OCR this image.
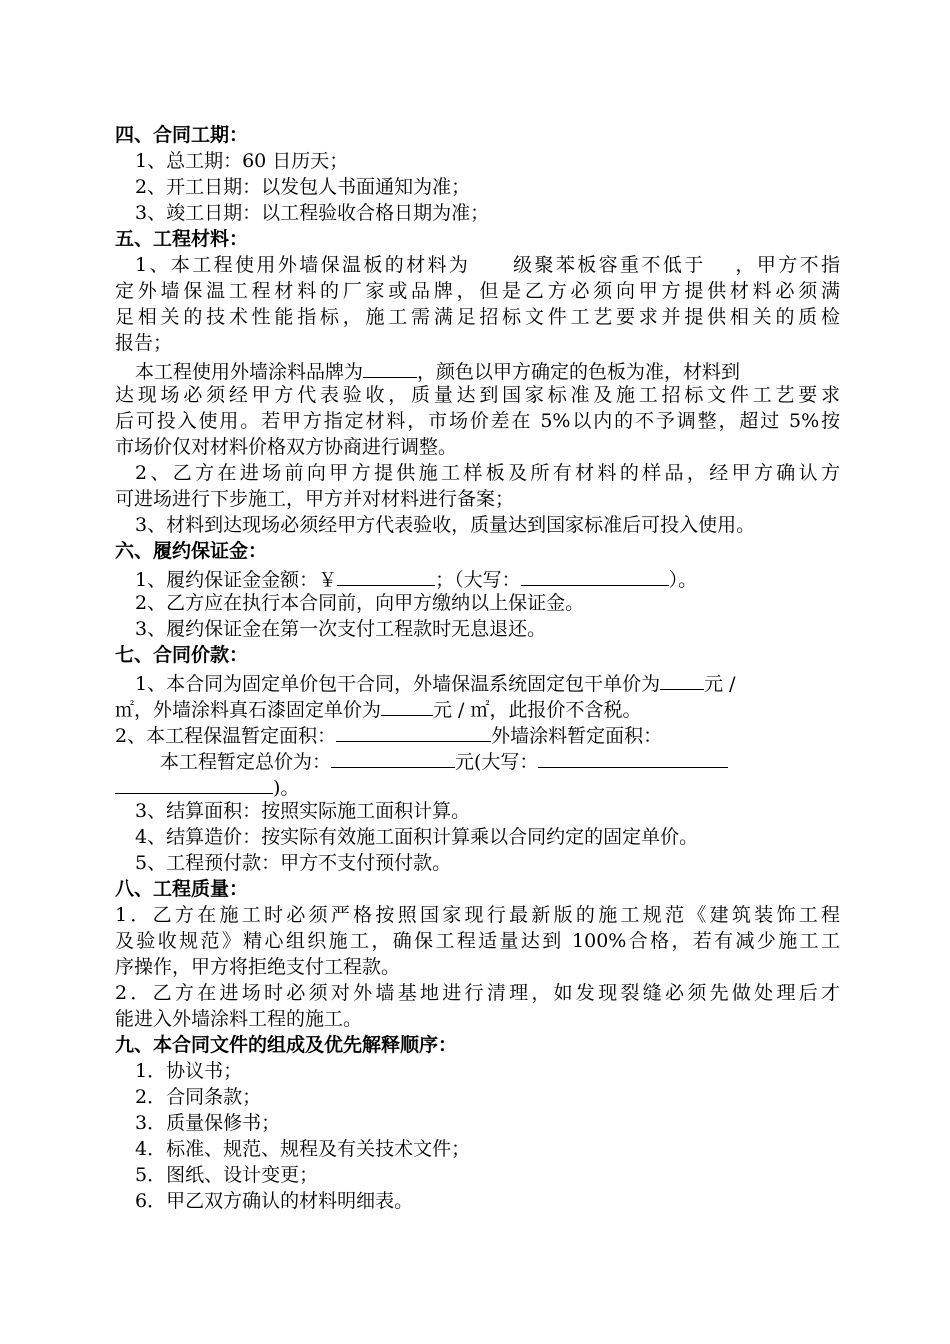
四、合同工期：
1、总工期：60 日历天；
2、开工日期：以发包人书面通知为准；
3、竣工日期：以工程验收合格日期为准；
五、工程材料：
1、本工程使用外墙保温板的材料为　　级聚苯板容重不低于　 ，甲方不指
定外墙保温工程材料的厂家或品牌，但是乙方必须向甲方提供材料必须满
足相关的技术性能指标，施工需满足招标文件工艺要求并提供相关的质检
报告；
本工程使用外墙涂料品牌为	，颜色以甲方确定的色板为准，材料到
达现场必须经甲方代表验收，质量达到国家标准及施工招标文件工艺要求
后可投入使用。若甲方指定材料，市场价差在 5%以内的不予调整，超过 5%按
市场价仅对材料价格双方协商进行调整。
2、乙方在进场前向甲方提供施工样板及所有材料的样品，经甲方确认方
可进场进行下步施工，甲方并对材料进行备案；
3、材料到达现场必须经甲方代表验收，质量达到国家标准后可投入使用。
六、履约保证金：
1、履约保证金金额：￥	；（大写：	）。
2、乙方应在执行本合同前，向甲方缴纳以上保证金。
3、履约保证金在第一次支付工程款时无息退还。
七、合同价款：
1、本合同为固定单价包干合同，外墙保温系统固定包干单价为 元 /
㎡，外墙涂料真石漆固定单价为	元 / ㎡，此报价不含税。
2、本工程保温暂定面积：	外墙涂料暂定面积：
本工程暂定总价为：	元(大写：
)。
3、结算面积：按照实际施工面积计算。
4、结算造价：按实际有效施工面积计算乘以合同约定的固定单价。
5、工程预付款：甲方不支付预付款。
八、工程质量：
1．乙方在施工时必须严格按照国家现行最新版的施工规范《建筑装饰工程
及验收规范》精心组织施工，确保工程适量达到 100%合格，若有减少施工工
序操作，甲方将拒绝支付工程款。
2．乙方在进场时必须对外墙基地进行清理，如发现裂缝必须先做处理后才
能进入外墙涂料工程的施工。
九、本合同文件的组成及优先解释顺序：
1．协议书；
2．合同条款；
3．质量保修书；
4．标准、规范、规程及有关技术文件；
5．图纸、设计变更；
6．甲乙双方确认的材料明细表。
